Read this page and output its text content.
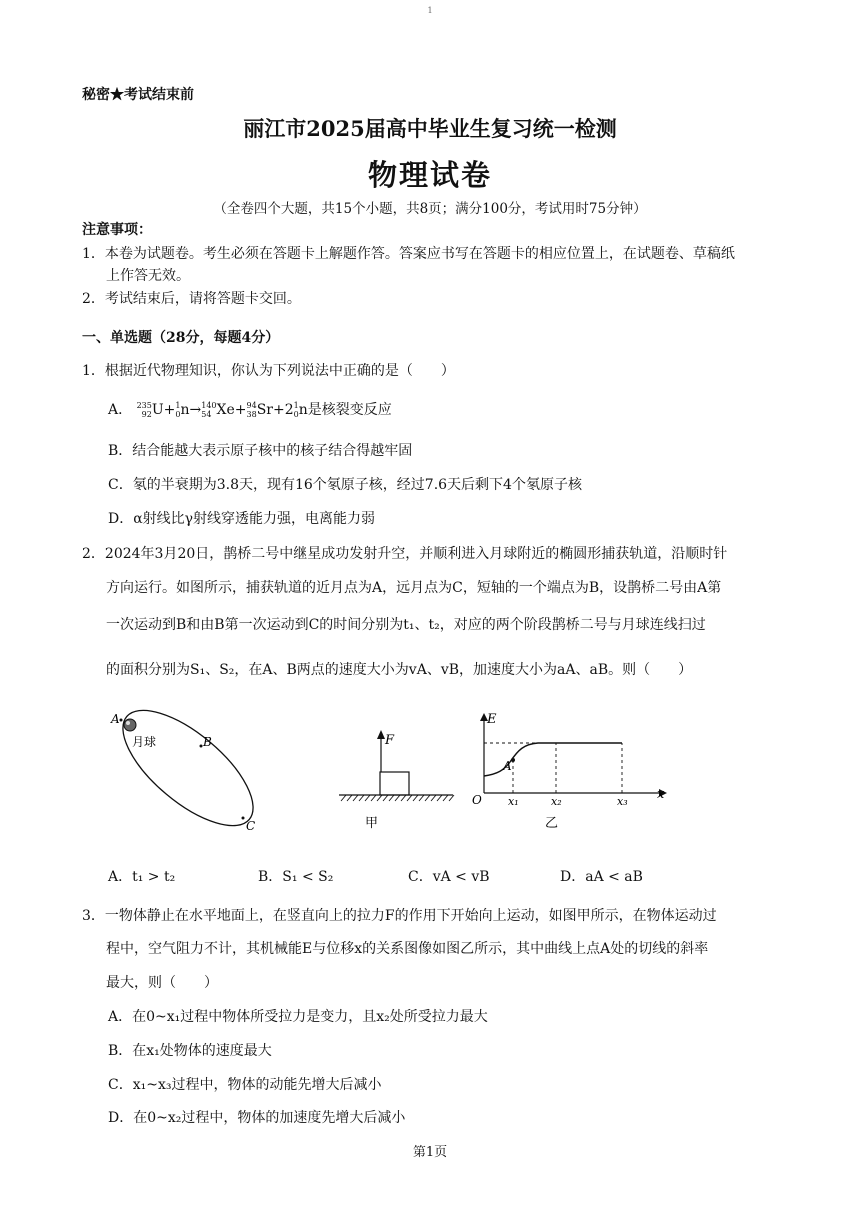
1
秘密★考试结束前
丽江市2025届高中毕业生复习统一检测
物理试卷
（全卷四个大题，共15个小题，共8页；满分100分，考试用时75分钟）
注意事项：
1．本卷为试题卷。考生必须在答题卡上解题作答。答案应书写在答题卡的相应位置上，在试题卷、草稿纸
上作答无效。
2．考试结束后，请将答题卡交回。
一、单选题（28分，每题4分）
1．根据近代物理知识，你认为下列说法中正确的是（　　）
A． 235
92U+1
0n→140
54 Xe+94
38Sr+21
0n是核裂变反应
B．结合能越大表示原子核中的核子结合得越牢固
C．氡的半衰期为3.8天，现有16个氡原子核，经过7.6天后剩下4个氡原子核
D．α射线比γ射线穿透能力强，电离能力弱
2．2024年3月20日，鹊桥二号中继星成功发射升空，并顺利进入月球附近的椭圆形捕获轨道，沿顺时针
方向运行。如图所示，捕获轨道的近月点为A，远月点为C，短轴的一个端点为B，设鹊桥二号由A第
一次运动到B和由B第一次运动到C的时间分别为t₁、t₂，对应的两个阶段鹊桥二号与月球连线扫过
的面积分别为S₁、S₂，在A、B两点的速度大小为vA、vB，加速度大小为aA、aB。则（　　）
A
月球	B
C
F
甲
E
x
O
A
x₁	x₂	x₃
乙
A．t₁ > t₂	B．S₁ < S₂	C．vA < vB	D．aA < aB
3．一物体静止在水平地面上，在竖直向上的拉力F的作用下开始向上运动，如图甲所示，在物体运动过
程中，空气阻力不计，其机械能E与位移x的关系图像如图乙所示，其中曲线上点A处的切线的斜率
最大，则（　　）
A．在0~x₁过程中物体所受拉力是变力，且x₂处所受拉力最大
B．在x₁处物体的速度最大
C．x₁~x₃过程中，物体的动能先增大后减小
D．在0~x₂过程中，物体的加速度先增大后减小
第1页
